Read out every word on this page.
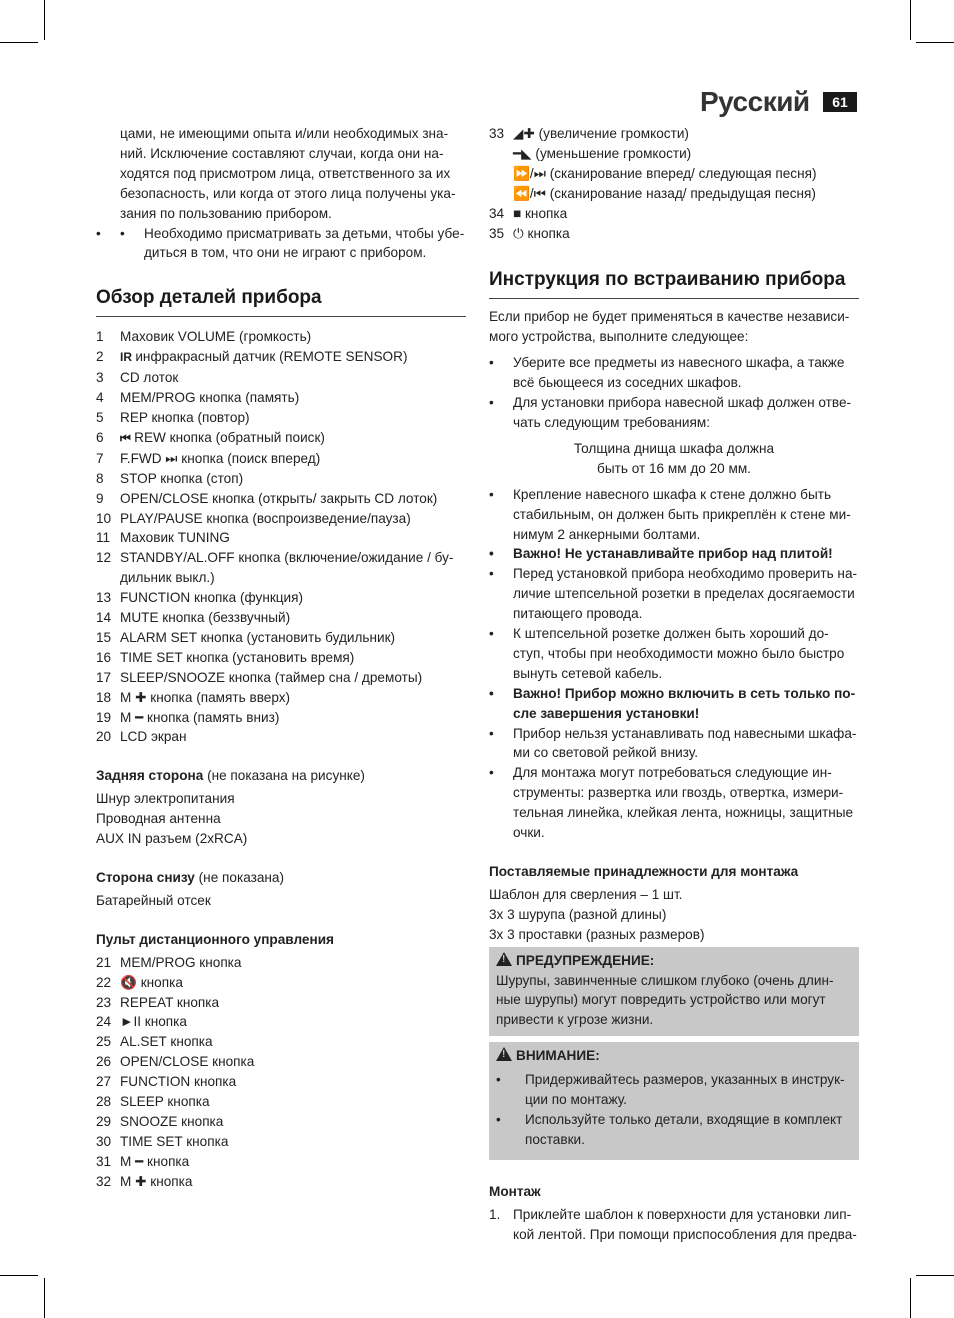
Русский	61

цами, не имеющими опыта и/или необходимых зна-

ний. Исключение составляют случаи, когда они на-

ходятся под присмотром лица, ответственного за их

безопасность, или когда от этого лица получены ука-

зания по пользованию прибором.

• • Необходимо присматривать за детьми, чтобы убе-
диться в том, что они не играют с прибором.
Обзор деталей прибора
1	Маховик VOLUME (громкость)
2	IR инфракрасный датчик (REMOTE SENSOR)
3	CD лоток
4	MEM/PROG кнопка (память)
5	REP кнопка (повтор)
6	⏮ REW кнопка (обратный поиск)
7	F.FWD ⏭ кнопка (поиск вперед)
8	STOP кнопка (стоп)
9	OPEN/CLOSE кнопка (открыть/ закрыть CD лоток)
10 PLAY/PAUSE кнопка (воспроизведение/пауза)
11 Маховик TUNING
12 STANDBY/AL.OFF кнопка (включение/ожидание / бу-
дильник выкл.)
13 FUNCTION кнопка (функция)
14 MUTE кнопка (беззвучный)
15 ALARM SET кнопка (установить будильник)
16 TIME SET кнопка (установить время)
17 SLEEP/SNOOZE кнопка (таймер сна / дремоты)
18 M ✚ кнопка (память вверх)
19 M ━ кнопка (память вниз)
20 LCD экран
Задняя сторона (не показана на рисунке)

Шнур электропитания

Проводная антенна

AUX IN разъем (2xRCA)

Сторона снизу (не показана)

Батарейный отсек

Пульт дистанционного управления
21 MEM/PROG кнопка
22 🔇 кнопка
23 REPEAT кнопка
24 ►II кнопка
25 AL.SET кнопка
26 OPEN/CLOSE кнопка
27 FUNCTION кнопка
28 SLEEP кнопка
29 SNOOZE кнопка
30 TIME SET кнопка
31 M ━ кнопка
32 M ✚ кнопка
33 ◢✚ (увеличение громкости)
━◣ (уменьшение громкости)
⏩/⏭ (сканирование вперед/ следующая песня)
⏪/⏮ (сканирование назад/ предыдущая песня)
34 ■ кнопка
35 ⏻ кнопка
Инструкция по встраиванию прибора

Если прибор не будет применяться в качестве независи-

мого устройства, выполните следующее:

• Уберите все предметы из навесного шкафа, а также
всё бьющееся из соседних шкафов.
• Для установки прибора навесной шкаф должен отве-
чать следующим требованиям:

Толщина днища шкафа должна

быть от 16 мм до 20 мм.

• Крепление навесного шкафа к стене должно быть
стабильным, он должен быть прикреплён к стене ми-
нимум 2 анкерными болтами.
• Важно! Не устанавливайте прибор над плитой!
• Перед установкой прибора необходимо проверить на-
личие штепсельной розетки в пределах досягаемости
питающего провода.
• К штепсельной розетке должен быть хороший до-
ступ, чтобы при необходимости можно было быстро
вынуть сетевой кабель.
• Важно! Прибор можно включить в сеть только по-
сле завершения установки!
• Прибор нельзя устанавливать под навесными шкафа-
ми со световой рейкой внизу.
• Для монтажа могут потребоваться следующие ин-
струменты: развертка или гвоздь, отвертка, измери-
тельная линейка, клейкая лента, ножницы, защитные
очки.
Поставляемые принадлежности для монтажа

Шаблон для сверления – 1 шт.

3x 3 шурупа (разной длины)

3x 3 проставки (разных размеров)

!ПРЕДУПРЕЖДЕНИЕ:

Шурупы, завинченные слишком глубоко (очень длин-

ные шурупы) могут повредить устройство или могут

привести к угрозе жизни.

!ВНИМАНИЕ:
• Придерживайтесь размеров, указанных в инструк-
ции по монтажу.
• Используйте только детали, входящие в комплект
поставки.
Монтаж
1. Приклейте шаблон к поверхности для установки лип-
кой лентой. При помощи приспособления для предва-
